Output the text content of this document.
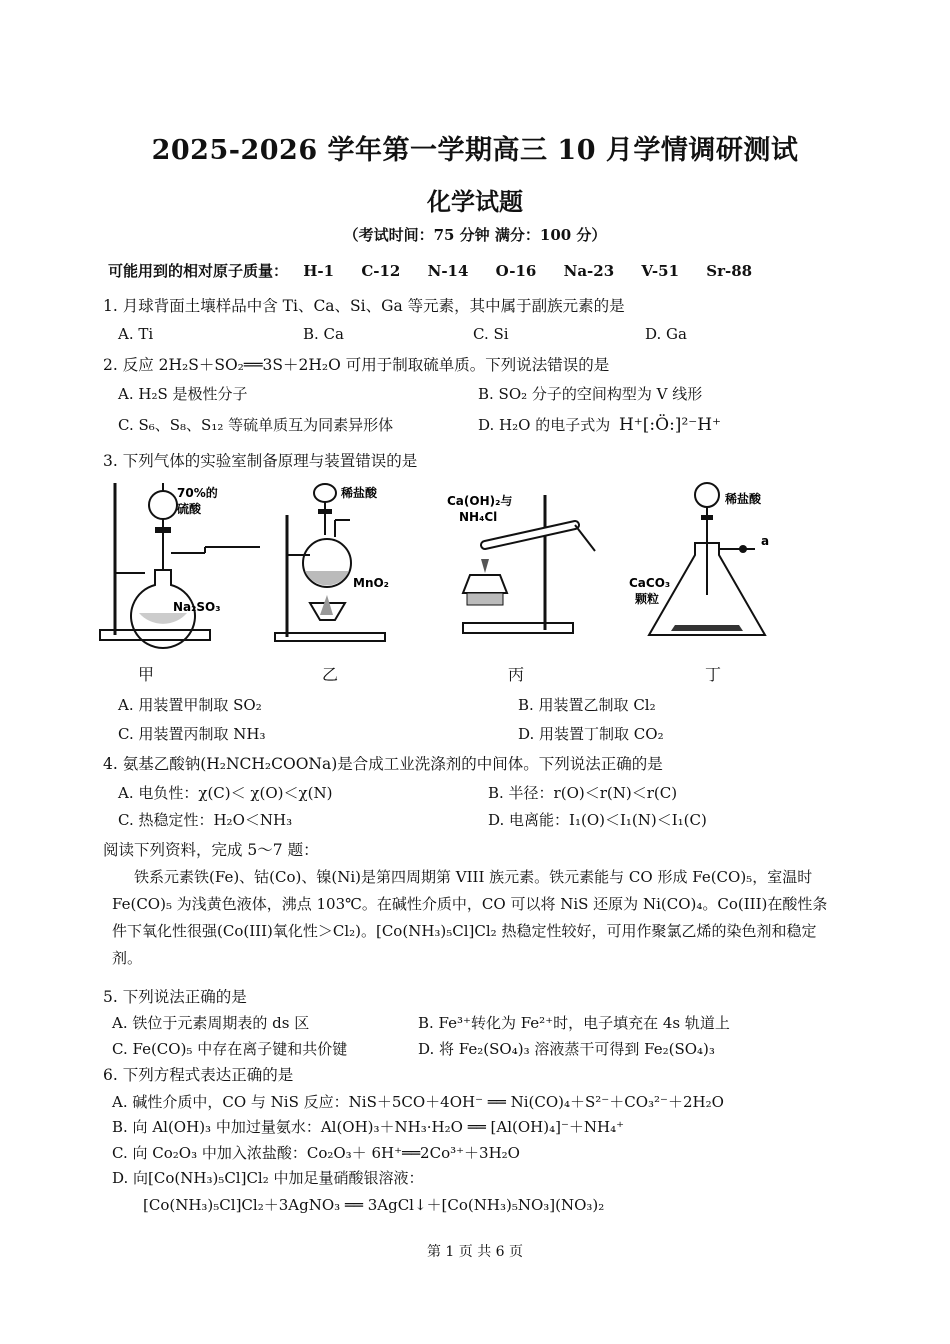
2025-2026 学年第一学期高三 10 月学情调研测试
化学试题
（考试时间：75 分钟 满分：100 分）
可能用到的相对原子质量： H-1 C-12 N-14 O-16 Na-23 V-51 Sr-88
1. 月球背面土壤样品中含 Ti、Ca、Si、Ga 等元素，其中属于副族元素的是
A. Ti	B. Ca	C. Si	D. Ga
2. 反应 2H₂S＋SO₂══3S＋2H₂O 可用于制取硫单质。下列说法错误的是
A. H₂S 是极性分子	B. SO₂ 分子的空间构型为 V 线形
C. S₆、S₈、S₁₂ 等硫单质互为同素异形体	D. H₂O 的电子式为 H⁺[:Ö:]²⁻H⁺
3. 下列气体的实验室制备原理与装置错误的是
70%的
硫酸
Na₂SO₃
甲
稀盐酸
MnO₂
乙
Ca(OH)₂与
NH₄Cl
丙
稀盐酸
a
CaCO₃
颗粒
丁
A. 用装置甲制取 SO₂	B. 用装置乙制取 Cl₂
C. 用装置丙制取 NH₃	D. 用装置丁制取 CO₂
4. 氨基乙酸钠(H₂NCH₂COONa)是合成工业洗涤剂的中间体。下列说法正确的是
A. 电负性：χ(C)＜ χ(O)＜χ(N)	B. 半径：r(O)＜r(N)＜r(C)
C. 热稳定性：H₂O＜NH₃	D. 电离能：I₁(O)＜I₁(N)＜I₁(C)
阅读下列资料，完成 5～7 题：
铁系元素铁(Fe)、钴(Co)、镍(Ni)是第四周期第 VIII 族元素。铁元素能与 CO 形成 Fe(CO)₅，室温时 Fe(CO)₅ 为浅黄色液体，沸点 103℃。在碱性介质中，CO 可以将 NiS 还原为 Ni(CO)₄。Co(III)在酸性条件下氧化性很强(Co(III)氧化性＞Cl₂)。[Co(NH₃)₅Cl]Cl₂ 热稳定性较好，可用作聚氯乙烯的染色剂和稳定剂。
5. 下列说法正确的是
A. 铁位于元素周期表的 ds 区	B. Fe³⁺转化为 Fe²⁺时，电子填充在 4s 轨道上
C. Fe(CO)₅ 中存在离子键和共价键	D. 将 Fe₂(SO₄)₃ 溶液蒸干可得到 Fe₂(SO₄)₃
6. 下列方程式表达正确的是
A. 碱性介质中，CO 与 NiS 反应：NiS＋5CO＋4OH⁻ ══ Ni(CO)₄＋S²⁻＋CO₃²⁻＋2H₂O
B. 向 Al(OH)₃ 中加过量氨水：Al(OH)₃＋NH₃·H₂O ══ [Al(OH)₄]⁻＋NH₄⁺
C. 向 Co₂O₃ 中加入浓盐酸：Co₂O₃＋ 6H⁺══2Co³⁺＋3H₂O
D. 向[Co(NH₃)₅Cl]Cl₂ 中加足量硝酸银溶液：
[Co(NH₃)₅Cl]Cl₂＋3AgNO₃ ══ 3AgCl↓＋[Co(NH₃)₅NO₃](NO₃)₂
第 1 页 共 6 页
